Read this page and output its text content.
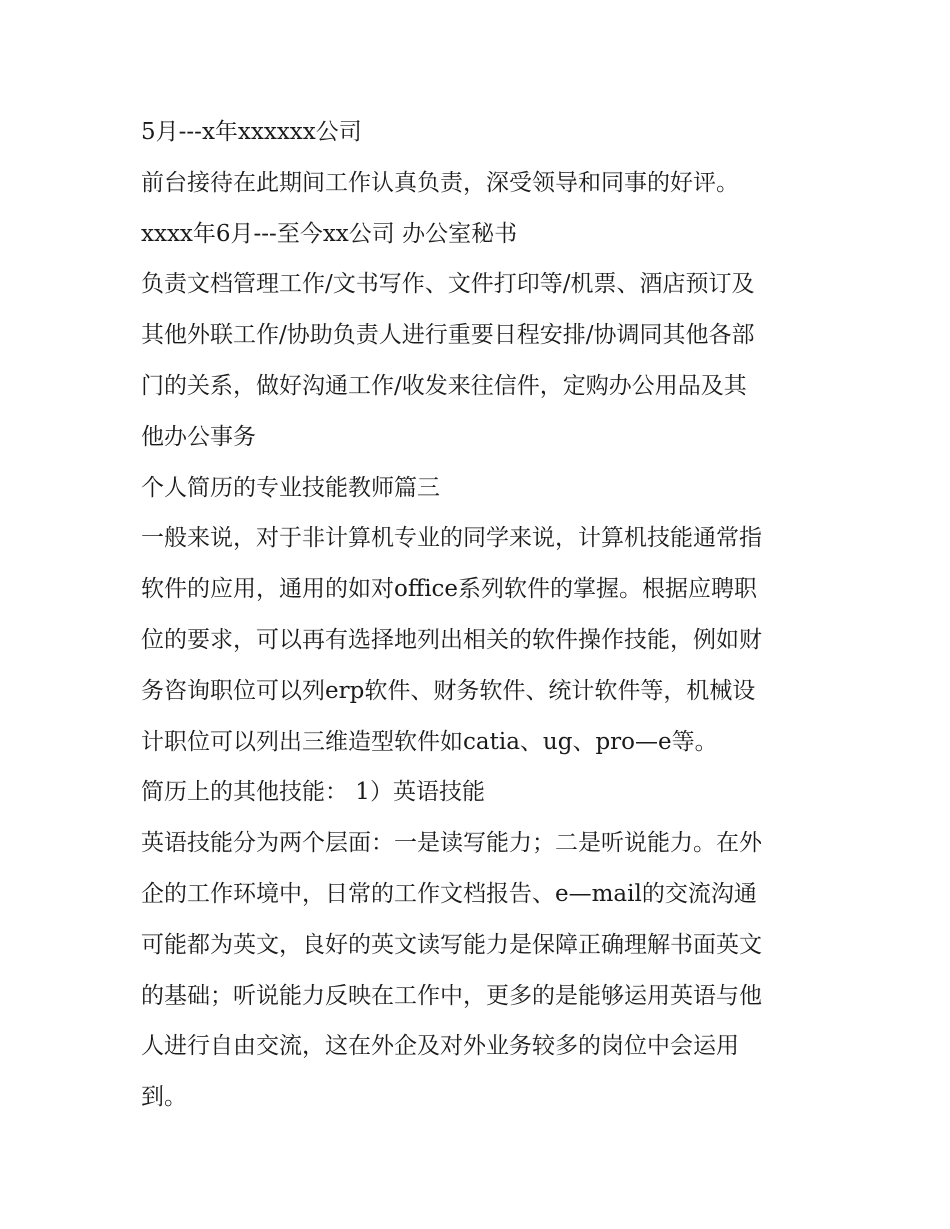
5月---x年xxxxxx公司
前台接待在此期间工作认真负责，深受领导和同事的好评。
xxxx年6月---至今xx公司 办公室秘书
负责文档管理工作/文书写作、文件打印等/机票、酒店预订及
其他外联工作/协助负责人进行重要日程安排/协调同其他各部
门的关系，做好沟通工作/收发来往信件，定购办公用品及其
他办公事务
个人简历的专业技能教师篇三
一般来说，对于非计算机专业的同学来说，计算机技能通常指
软件的应用，通用的如对office系列软件的掌握。根据应聘职
位的要求，可以再有选择地列出相关的软件操作技能，例如财
务咨询职位可以列erp软件、财务软件、统计软件等，机械设
计职位可以列出三维造型软件如catia、ug、pro—e等。
简历上的其他技能： 1）英语技能
英语技能分为两个层面：一是读写能力；二是听说能力。在外
企的工作环境中，日常的工作文档报告、e—mail的交流沟通
可能都为英文，良好的英文读写能力是保障正确理解书面英文
的基础；听说能力反映在工作中，更多的是能够运用英语与他
人进行自由交流，这在外企及对外业务较多的岗位中会运用
到。
